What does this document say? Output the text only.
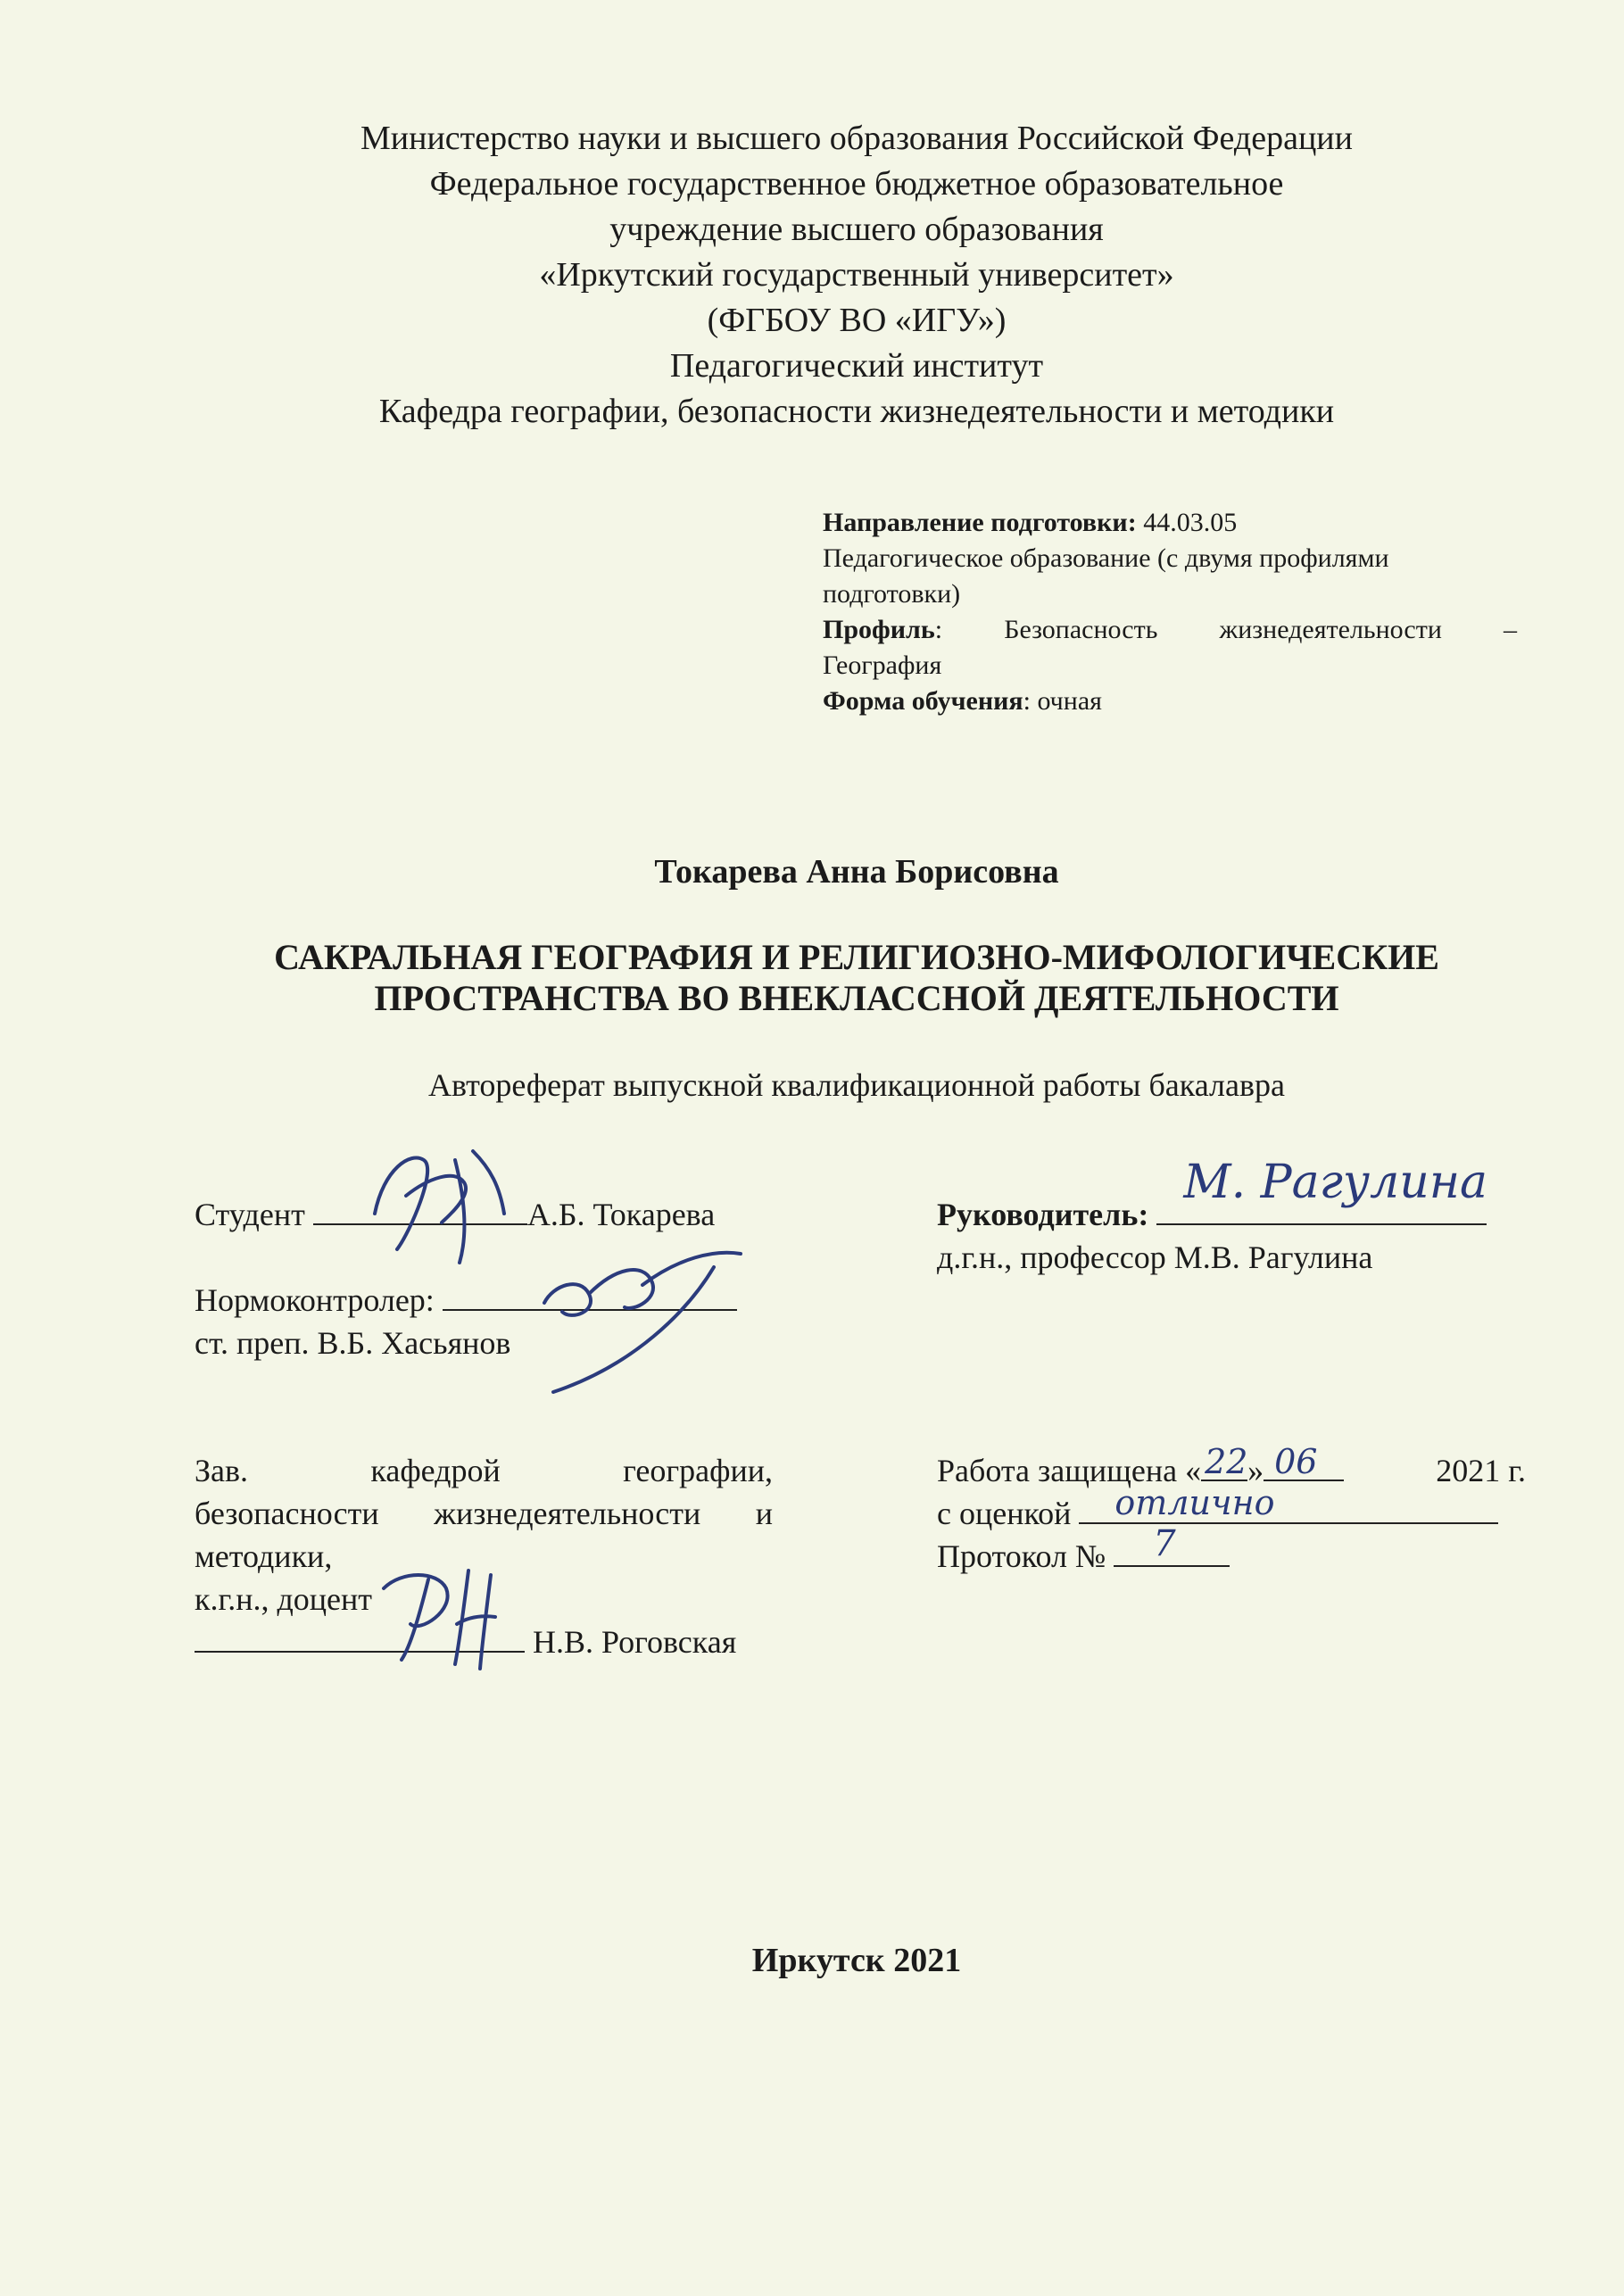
Министерство науки и высшего образования Российской Федерации
Федеральное государственное бюджетное образовательное
учреждение высшего образования
«Иркутский государственный университет»
(ФГБОУ ВО «ИГУ»)
Педагогический институт
Кафедра географии, безопасности жизнедеятельности и методики
Направление подготовки: 44.03.05
Педагогическое образование (с двумя профилями
подготовки)
Профиль: Безопасность жизнедеятельности –
География
Форма обучения: очная
Токарева Анна Борисовна
САКРАЛЬНАЯ ГЕОГРАФИЯ И РЕЛИГИОЗНО-МИФОЛОГИЧЕСКИЕ
ПРОСТРАНСТВА ВО ВНЕКЛАССНОЙ ДЕЯТЕЛЬНОСТИ
Автореферат выпускной квалификационной работы бакалавра
Студент	А.Б. Токарева
Нормоконтролер:
ст. преп. В.Б. Хасьянов
Руководитель:
М. Рагулина
д.г.н., профессор М.В. Рагулина
Зав. кафедрой географии,
безопасности жизнедеятельности и
методики,
к.г.н., доцент
Н.В. Роговская
Работа защищена « 22 » 06	2021 г.
с оценкой отлично
Протокол № 7
Иркутск 2021
